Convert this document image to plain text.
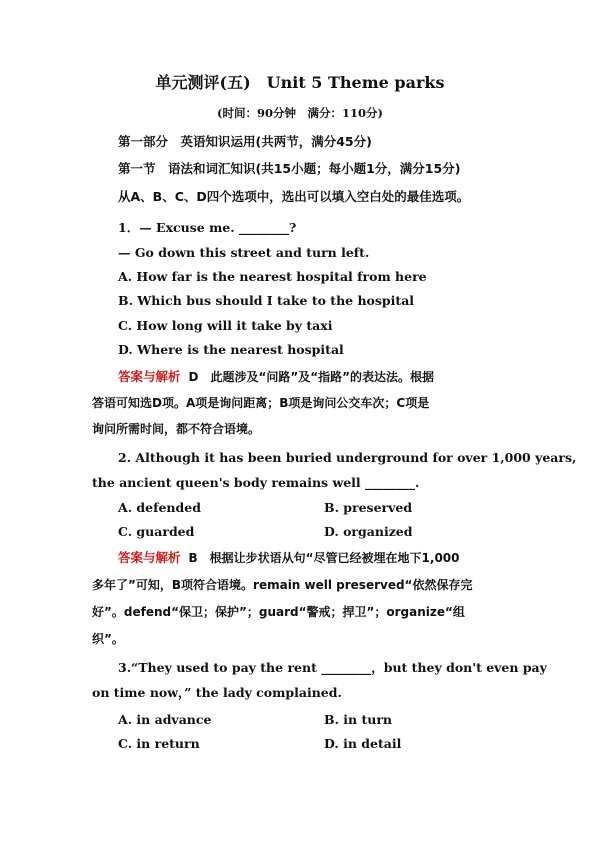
单元测评(五)　Unit 5 Theme parks
(时间：90分钟　满分：110分)
第一部分　英语知识运用(共两节，满分45分)
第一节　语法和词汇知识(共15小题；每小题1分，满分15分)
从A、B、C、D四个选项中，选出可以填入空白处的最佳选项。
1．— Excuse me. ________?
— Go down this street and turn left.
A. How far is the nearest hospital from here
B. Which bus should I take to the hospital
C. How long will it take by taxi
D. Where is the nearest hospital
答案与解析 D　此题涉及“问路”及“指路”的表达法。根据
答语可知选D项。A项是询问距离；B项是询问公交车次；C项是
询问所需时间，都不符合语境。
2. Although it has been buried underground for over 1,000 years,
the ancient queen's body remains well ________.
A. defended	B. preserved
C. guarded	D. organized
答案与解析 B　根据让步状语从句“尽管已经被埋在地下1,000
多年了”可知，B项符合语境。remain well preserved“依然保存完
好”。defend“保卫；保护”；guard“警戒；捍卫”；organize“组
织”。
3.“They used to pay the rent ________，but they don't even pay
on time now，” the lady complained.
A. in advance	B. in turn
C. in return	D. in detail
